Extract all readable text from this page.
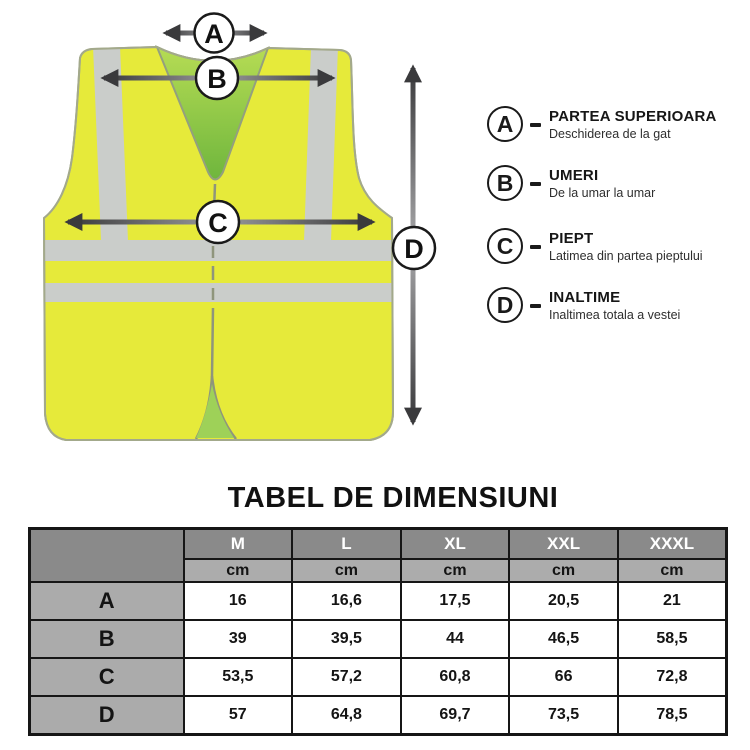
A
B
C
D
A	PARTEA SUPERIOARA
Deschiderea de la gat
B	UMERI
De la umar la umar
C	PIEPT
Latimea din partea pieptului
D	INALTIME
Inaltimea totala a vestei
TABEL DE DIMENSIUNI
	M	L	XL	XXL	XXXL
	cm	cm	cm	cm	cm
A	16	16,6	17,5	20,5	21
B	39	39,5	44	46,5	58,5
C	53,5	57,2	60,8	66	72,8
D	57	64,8	69,7	73,5	78,5
